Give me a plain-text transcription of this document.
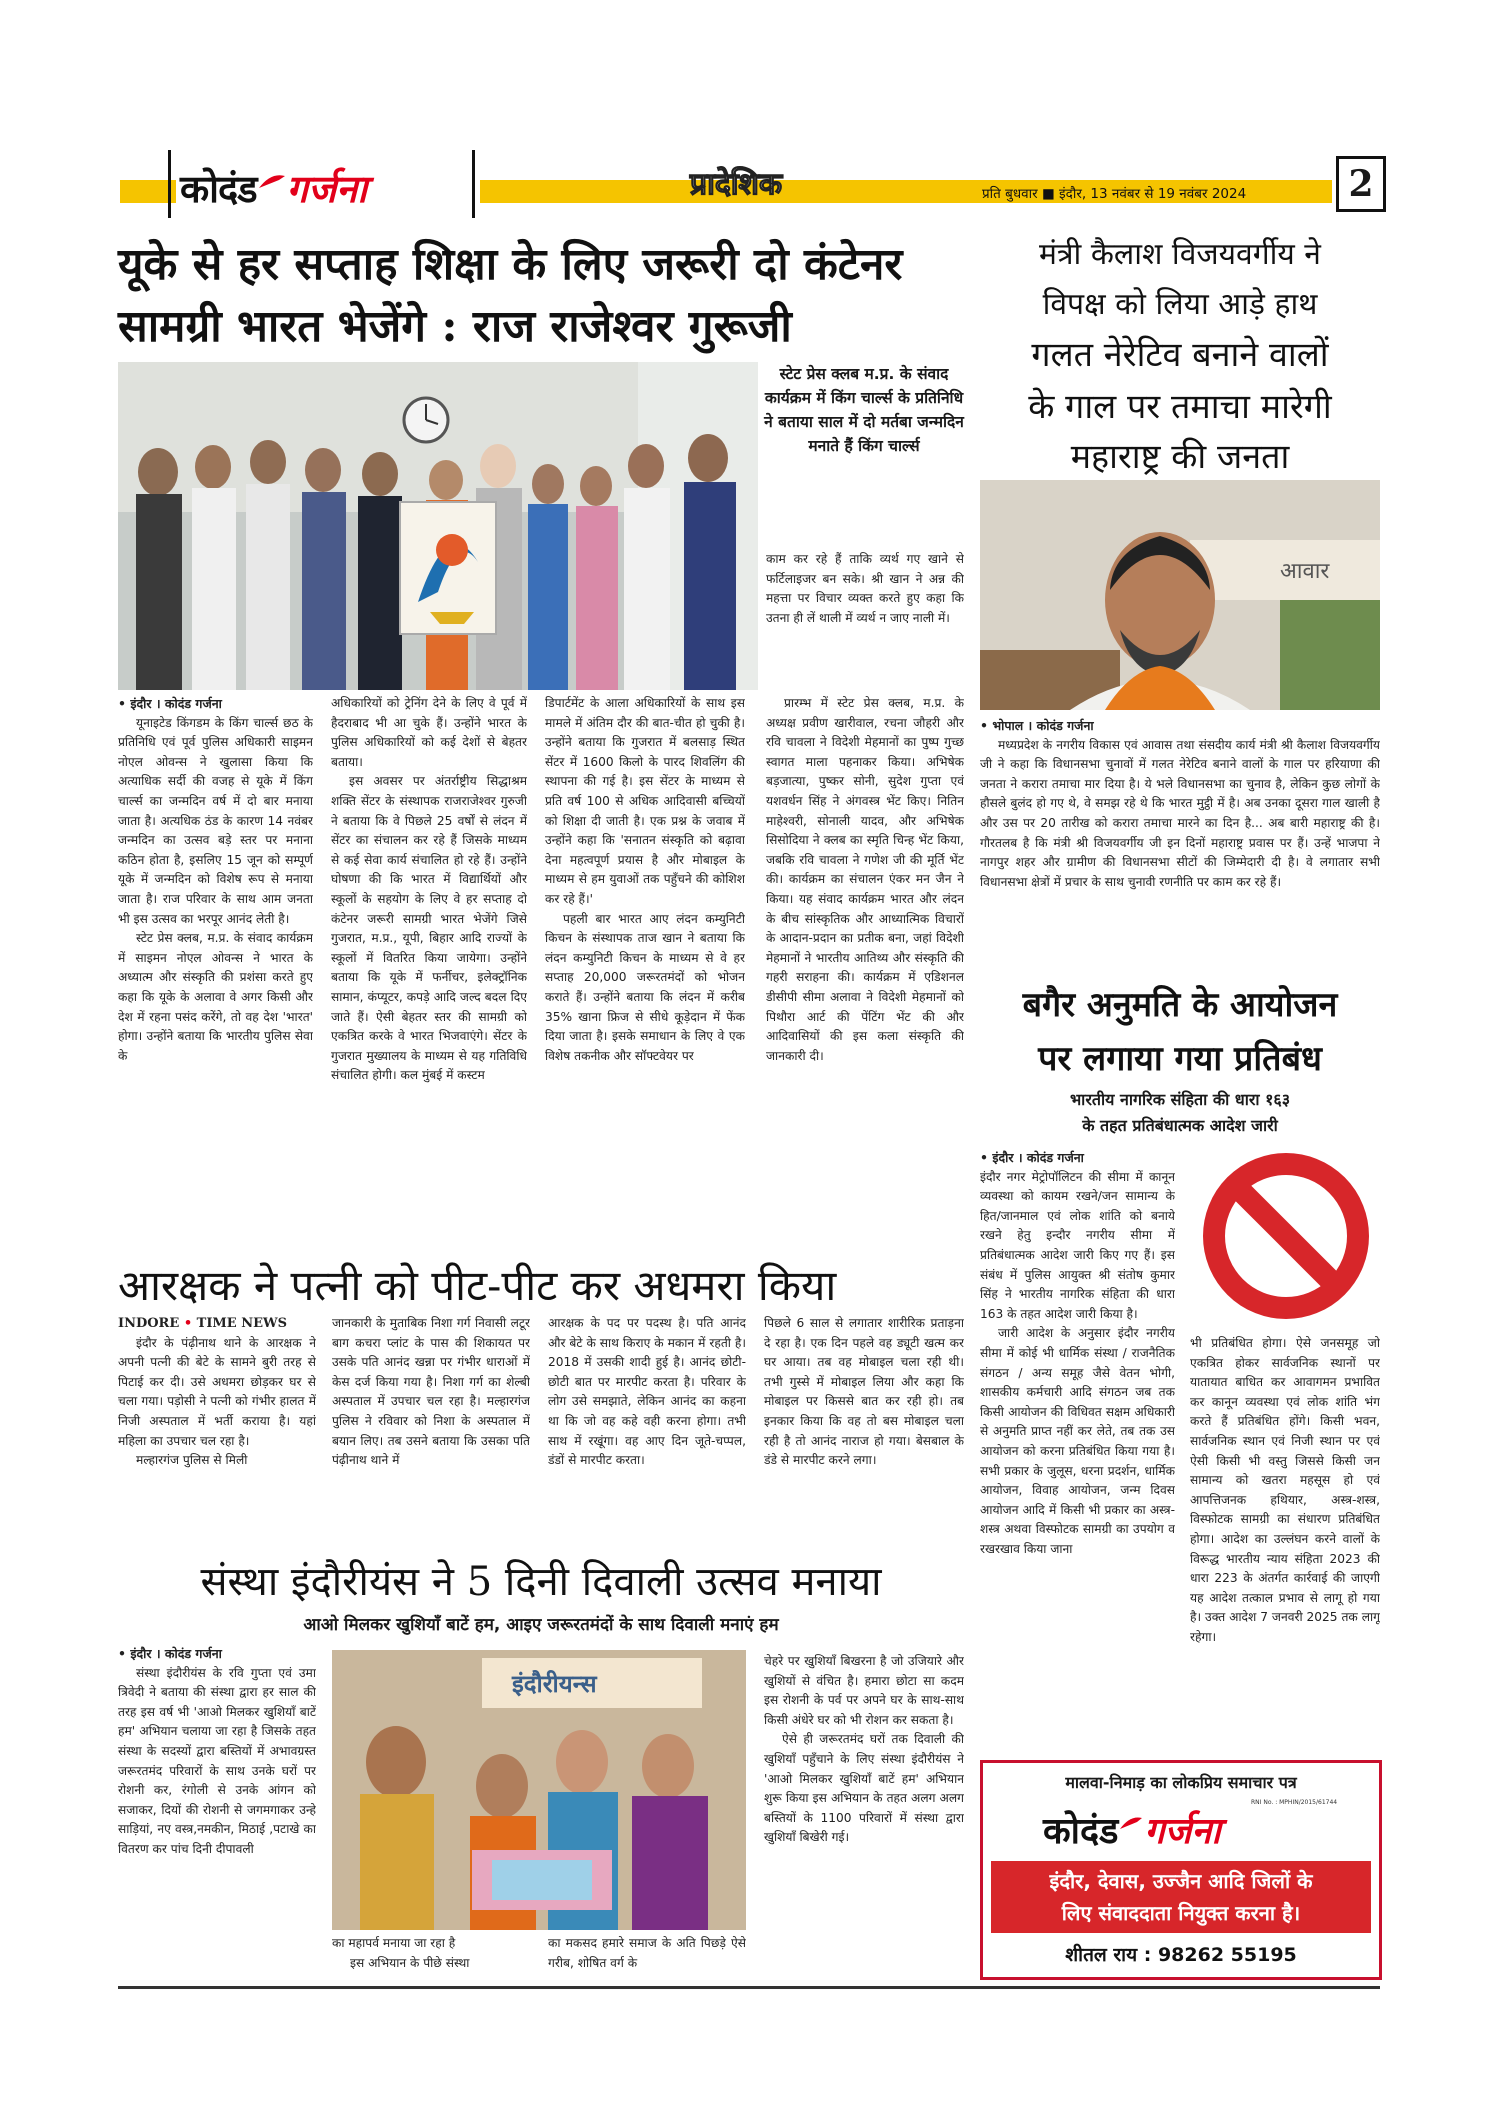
कोदंड गर्जना	प्रादेशिक	प्रति बुधवार ■ इंदौर, 13 नवंबर से 19 नवंबर 2024	2
यूके से हर सप्ताह शिक्षा के लिए जरूरी दो कंटेनर
सामग्री भारत भेजेंगे : राज राजेश्वर गुरूजी
स्टेट प्रेस क्लब म.प्र. के संवाद कार्यक्रम में किंग चार्ल्स के प्रतिनिधि ने बताया साल में दो मर्तबा जन्मदिन मनाते हैं किंग चार्ल्स
काम कर रहे हैं ताकि व्यर्थ गए खाने से फर्टिलाइजर बन सके। श्री खान ने अन्न की महत्ता पर विचार व्यक्त करते हुए कहा कि उतना ही लें थाली में व्यर्थ न जाए नाली में।
• इंदौर । कोदंड गर्जना

यूनाइटेड किंगडम के किंग चार्ल्स छठ के प्रतिनिधि एवं पूर्व पुलिस अधिकारी साइमन नोएल ओवन्स ने खुलासा किया कि अत्याधिक सर्दी की वजह से यूके में किंग चार्ल्स का जन्मदिन वर्ष में दो बार मनाया जाता है। अत्यधिक ठंड के कारण 14 नवंबर जन्मदिन का उत्सव बड़े स्तर पर मनाना कठिन होता है, इसलिए 15 जून को सम्पूर्ण यूके में जन्मदिन को विशेष रूप से मनाया जाता है। राज परिवार के साथ आम जनता भी इस उत्सव का भरपूर आनंद लेती है।

स्टेट प्रेस क्लब, म.प्र. के संवाद कार्यक्रम में साइमन नोएल ओवन्स ने भारत के अध्यात्म और संस्कृति की प्रशंसा करते हुए कहा कि यूके के अलावा वे अगर किसी और देश में रहना पसंद करेंगे, तो वह देश 'भारत' होगा। उन्होंने बताया कि भारतीय पुलिस सेवा के

अधिकारियों को ट्रेनिंग देने के लिए वे पूर्व में हैदराबाद भी आ चुके हैं। उन्होंने भारत के पुलिस अधिकारियों को कई देशों से बेहतर बताया।

इस अवसर पर अंतर्राष्ट्रीय सिद्धाश्रम शक्ति सेंटर के संस्थापक राजराजेश्वर गुरुजी ने बताया कि वे पिछले 25 वर्षों से लंदन में सेंटर का संचालन कर रहे हैं जिसके माध्यम से कई सेवा कार्य संचालित हो रहे हैं। उन्होंने घोषणा की कि भारत में विद्यार्थियों और स्कूलों के सहयोग के लिए वे हर सप्ताह दो कंटेनर जरूरी सामग्री भारत भेजेंगे जिसे गुजरात, म.प्र., यूपी, बिहार आदि राज्यों के स्कूलों में वितरित किया जायेगा। उन्होंने बताया कि यूके में फर्नीचर, इलेक्ट्रॉनिक सामान, कंप्यूटर, कपड़े आदि जल्द बदल दिए जाते हैं। ऐसी बेहतर स्तर की सामग्री को एकत्रित करके वे भारत भिजवाएंगे। सेंटर के गुजरात मुख्यालय के माध्यम से यह गतिविधि संचालित होगी। कल मुंबई में कस्टम

डिपार्टमेंट के आला अधिकारियों के साथ इस मामले में अंतिम दौर की बात-चीत हो चुकी है। उन्होंने बताया कि गुजरात में बलसाड़ स्थित सेंटर में 1600 किलो के पारद शिवलिंग की स्थापना की गई है। इस सेंटर के माध्यम से प्रति वर्ष 100 से अधिक आदिवासी बच्चियों को शिक्षा दी जाती है। एक प्रश्न के जवाब में उन्होंने कहा कि 'सनातन संस्कृति को बढ़ावा देना महत्वपूर्ण प्रयास है और मोबाइल के माध्यम से हम युवाओं तक पहुँचने की कोशिश कर रहे हैं।'

पहली बार भारत आए लंदन कम्युनिटी किचन के संस्थापक ताज खान ने बताया कि लंदन कम्युनिटी किचन के माध्यम से वे हर सप्ताह 20,000 जरूरतमंदों को भोजन कराते हैं। उन्होंने बताया कि लंदन में करीब 35% खाना फ्रिज से सीधे कूड़ेदान में फेंक दिया जाता है। इसके समाधान के लिए वे एक विशेष तकनीक और सॉफ्टवेयर पर

प्रारम्भ में स्टेट प्रेस क्लब, म.प्र. के अध्यक्ष प्रवीण खारीवाल, रचना जौहरी और रवि चावला ने विदेशी मेहमानों का पुष्प गुच्छ स्वागत माला पहनाकर किया। अभिषेक बड़जात्या, पुष्कर सोनी, सुदेश गुप्ता एवं यशवर्धन सिंह ने अंगवस्त्र भेंट किए। नितिन माहेश्वरी, सोनाली यादव, और अभिषेक सिसोदिया ने क्लब का स्मृति चिन्ह भेंट किया, जबकि रवि चावला ने गणेश जी की मूर्ति भेंट की। कार्यक्रम का संचालन एंकर मन जैन ने किया। यह संवाद कार्यक्रम भारत और लंदन के बीच सांस्कृतिक और आध्यात्मिक विचारों के आदान-प्रदान का प्रतीक बना, जहां विदेशी मेहमानों ने भारतीय आतिथ्य और संस्कृति की गहरी सराहना की। कार्यक्रम में एडिशनल डीसीपी सीमा अलावा ने विदेशी मेहमानों को पिथौरा आर्ट की पेंटिंग भेंट की और आदिवासियों की इस कला संस्कृति की जानकारी दी।

मंत्री कैलाश विजयवर्गीय ने
विपक्ष को लिया आड़े हाथ
गलत नेरेटिव बनाने वालों
के गाल पर तमाचा मारेगी
महाराष्ट्र की जनता
आवार
• भोपाल । कोदंड गर्जना

मध्यप्रदेश के नगरीय विकास एवं आवास तथा संसदीय कार्य मंत्री श्री कैलाश विजयवर्गीय जी ने कहा कि विधानसभा चुनावों में गलत नेरेटिव बनाने वालों के गाल पर हरियाणा की जनता ने करारा तमाचा मार दिया है। ये भले विधानसभा का चुनाव है, लेकिन कुछ लोगों के हौसले बुलंद हो गए थे, वे समझ रहे थे कि भारत मुट्ठी में है। अब उनका दूसरा गाल खाली है और उस पर 20 तारीख को करारा तमाचा मारने का दिन है... अब बारी महाराष्ट्र की है। गौरतलब है कि मंत्री श्री विजयवर्गीय जी इन दिनों महाराष्ट्र प्रवास पर हैं। उन्हें भाजपा ने नागपुर शहर और ग्रामीण की विधानसभा सीटों की जिम्मेदारी दी है। वे लगातार सभी विधानसभा क्षेत्रों में प्रचार के साथ चुनावी रणनीति पर काम कर रहे हैं।

बगैर अनुमति के आयोजन
पर लगाया गया प्रतिबंध
भारतीय नागरिक संहिता की धारा १६३
के तहत प्रतिबंधात्मक आदेश जारी
• इंदौर । कोदंड गर्जना

इंदौर नगर मेट्रोपॉलिटन की सीमा में कानून व्यवस्था को कायम रखने/जन सामान्य के हित/जानमाल एवं लोक शांति को बनाये रखने हेतु इन्दौर नगरीय सीमा में प्रतिबंधात्मक आदेश जारी किए गए हैं। इस संबंध में पुलिस आयुक्त श्री संतोष कुमार सिंह ने भारतीय नागरिक संहिता की धारा 163 के तहत आदेश जारी किया है।

जारी आदेश के अनुसार इंदौर नगरीय सीमा में कोई भी धार्मिक संस्था / राजनैतिक संगठन / अन्य समूह जैसे वेतन भोगी, शासकीय कर्मचारी आदि संगठन जब तक किसी आयोजन की विधिवत सक्षम अधिकारी से अनुमति प्राप्त नहीं कर लेते, तब तक उस आयोजन को करना प्रतिबंधित किया गया है। सभी प्रकार के जुलूस, धरना प्रदर्शन, धार्मिक आयोजन, विवाह आयोजन, जन्म दिवस आयोजन आदि में किसी भी प्रकार का अस्त्र-शस्त्र अथवा विस्फोटक सामग्री का उपयोग व रखरखाव किया जाना

भी प्रतिबंधित होगा। ऐसे जनसमूह जो एकत्रित होकर सार्वजनिक स्थानों पर यातायात बाधित कर आवागमन प्रभावित कर कानून व्यवस्था एवं लोक शांति भंग करते हैं प्रतिबंधित होंगे। किसी भवन, सार्वजनिक स्थान एवं निजी स्थान पर एवं ऐसी किसी भी वस्तु जिससे किसी जन सामान्य को खतरा महसूस हो एवं आपत्तिजनक हथियार, अस्त्र-शस्त्र, विस्फोटक सामग्री का संधारण प्रतिबंधित होगा। आदेश का उल्लंघन करने वालों के विरूद्ध भारतीय न्याय संहिता 2023 की धारा 223 के अंतर्गत कार्रवाई की जाएगी यह आदेश तत्काल प्रभाव से लागू हो गया है। उक्त आदेश 7 जनवरी 2025 तक लागू रहेगा।

आरक्षक ने पत्नी को पीट-पीट कर अधमरा किया
INDORE • TIME NEWS

इंदौर के पंढ़ीनाथ थाने के आरक्षक ने अपनी पत्नी की बेटे के सामने बुरी तरह से पिटाई कर दी। उसे अधमरा छोड़कर घर से चला गया। पड़ोसी ने पत्नी को गंभीर हालत में निजी अस्पताल में भर्ती कराया है। यहां महिला का उपचार चल रहा है।

मल्हारगंज पुलिस से मिली

जानकारी के मुताबिक निशा गर्ग निवासी लटूर बाग कचरा प्लांट के पास की शिकायत पर उसके पति आनंद खन्ना पर गंभीर धाराओं में केस दर्ज किया गया है। निशा गर्ग का शेल्बी अस्पताल में उपचार चल रहा है। मल्हारगंज पुलिस ने रविवार को निशा के अस्पताल में बयान लिए। तब उसने बताया कि उसका पति पंढ़ीनाथ थाने में

आरक्षक के पद पर पदस्थ है। पति आनंद और बेटे के साथ किराए के मकान में रहती है। 2018 में उसकी शादी हुई है। आनंद छोटी-छोटी बात पर मारपीट करता है। परिवार के लोग उसे समझाते, लेकिन आनंद का कहना था कि जो वह कहे वही करना होगा। तभी साथ में रखूंगा। वह आए दिन जूते-चप्पल, डंडों से मारपीट करता।

पिछले 6 साल से लगातार शारीरिक प्रताड़ना दे रहा है। एक दिन पहले वह ड्यूटी खत्म कर घर आया। तब वह मोबाइल चला रही थी। तभी गुस्से में मोबाइल लिया और कहा कि मोबाइल पर किससे बात कर रही हो। तब इनकार किया कि वह तो बस मोबाइल चला रही है तो आनंद नाराज हो गया। बेसबाल के डंडे से मारपीट करने लगा।

संस्था इंदौरीयंस ने 5 दिनी दिवाली उत्सव मनाया
आओ मिलकर खुशियाँ बाटें हम, आइए जरूरतमंदों के साथ दिवाली मनाएं हम
• इंदौर । कोदंड गर्जना

संस्था इंदौरीयंस के रवि गुप्ता एवं उमा त्रिवेदी ने बताया की संस्था द्वारा हर साल की तरह इस वर्ष भी 'आओ मिलकर खुशियाँ बाटें हम' अभियान चलाया जा रहा है जिसके तहत संस्था के सदस्यों द्वारा बस्तियों में अभावग्रस्त जरूरतमंद परिवारों के साथ उनके घरों पर रोशनी कर, रंगोली से उनके आंगन को सजाकर, दियों की रोशनी से जगमगाकर उन्हे साड़ियां, नए वस्त्र,नमकीन, मिठाई ,पटाखे का वितरण कर पांच दिनी दीपावली

इंदौरीयन्स

का महापर्व मनाया जा रहा है

इस अभियान के पीछे संस्था

का मकसद हमारे समाज के अति पिछड़े ऐसे गरीब, शोषित वर्ग के

चेहरे पर खुशियाँ बिखरना है जो उजियारे और खुशियों से वंचित है। हमारा छोटा सा कदम इस रोशनी के पर्व पर अपने घर के साथ-साथ किसी अंधेरे घर को भी रोशन कर सकता है।

ऐसे ही जरूरतमंद घरों तक दिवाली की खुशियाँ पहुँचाने के लिए संस्था इंदौरीयंस ने 'आओ मिलकर खुशियाँ बाटें हम' अभियान शुरू किया इस अभियान के तहत अलग अलग बस्तियों के 1100 परिवारों में संस्था द्वारा खुशियाँ बिखेरी गई।

मालवा-निमाड़ का लोकप्रिय समाचार पत्र
RNI No. : MPHIN/2015/61744
कोदंड गर्जना
इंदौर, देवास, उज्जैन आदि जिलों के
लिए संवाददाता नियुक्त करना है।
शीतल राय : 98262 55195
